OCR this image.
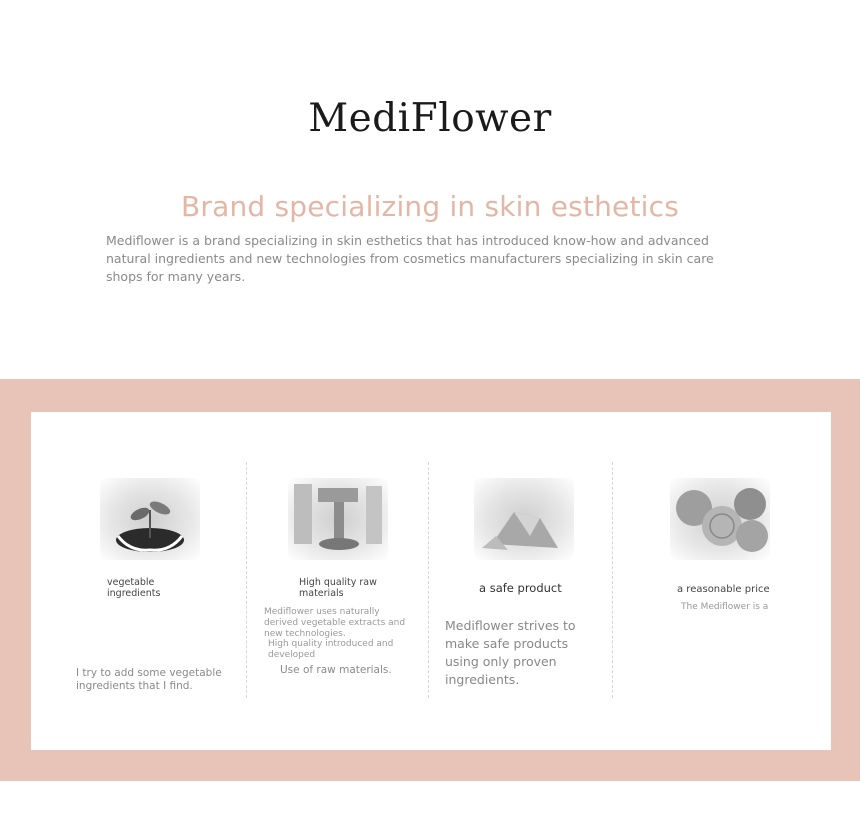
MediFlower
Brand specializing in skin esthetics

Mediflower is a brand specializing in skin esthetics that has introduced know-how and advanced natural ingredients and new technologies from cosmetics manufacturers specializing in skin care shops for many years.

vegetable ingredients
I try to add some vegetable ingredients that I find.
High quality raw materials
Mediflower uses naturally derived vegetable extracts and new technologies.
High quality introduced and developed
Use of raw materials.
a safe product
Mediflower strives to make safe products using only proven ingredients.
a reasonable price
The Mediflower is a
